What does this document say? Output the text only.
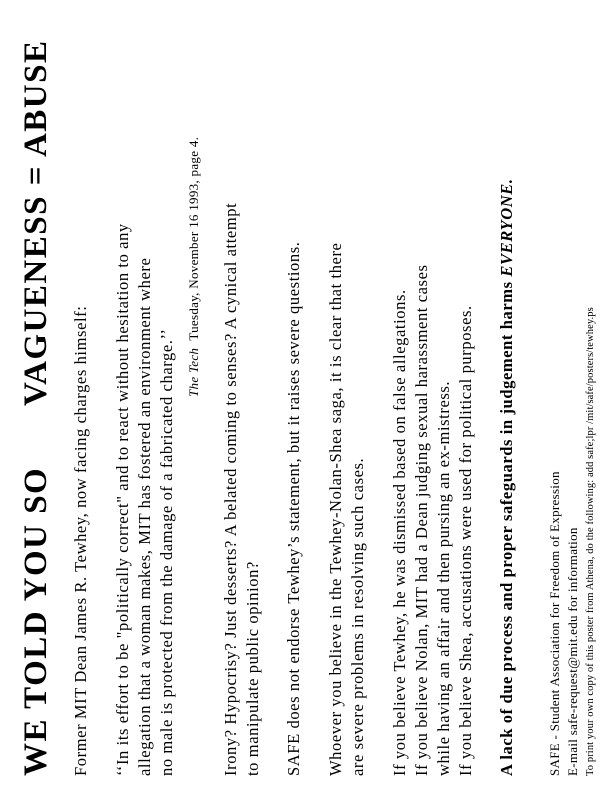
WE TOLD YOU SO
VAGUENESS = ABUSE
Former MIT Dean James R. Tewhey, now facing charges himself: ‘‘In its effort to be "politically correct" and to react without hesitation to any allegation that a woman makes, MIT has fostered an environment where no male is protected from the damage of a fabricated charge.’’ The Tech  Tuesday, November 16 1993, page 4. Irony? Hypocrisy? Just desserts? A belated coming to senses? A cynical attempt to manipulate public opinion? SAFE does not endorse Tewhey’s statement, but it raises severe questions. Whoever you believe in the Tewhey-Nolan-Shea saga, it is clear that there are severe problems in resolving such cases. If you believe Tewhey, he was dismissed based on false allegations. If you believe Nolan, MIT had a Dean judging sexual harassment cases while having an affair and then pursing an ex-mistress. If you believe Shea, accusations were used for political purposes. A lack of due process and proper safeguards in judgement harms EVERYONE.
SAFE - Student Association for Freedom of Expression E-mail safe-request@mit.edu for information To print your own copy of this poster from Athena, do the following: add safe;lpr /mit/safe/posters/tewhey.ps
